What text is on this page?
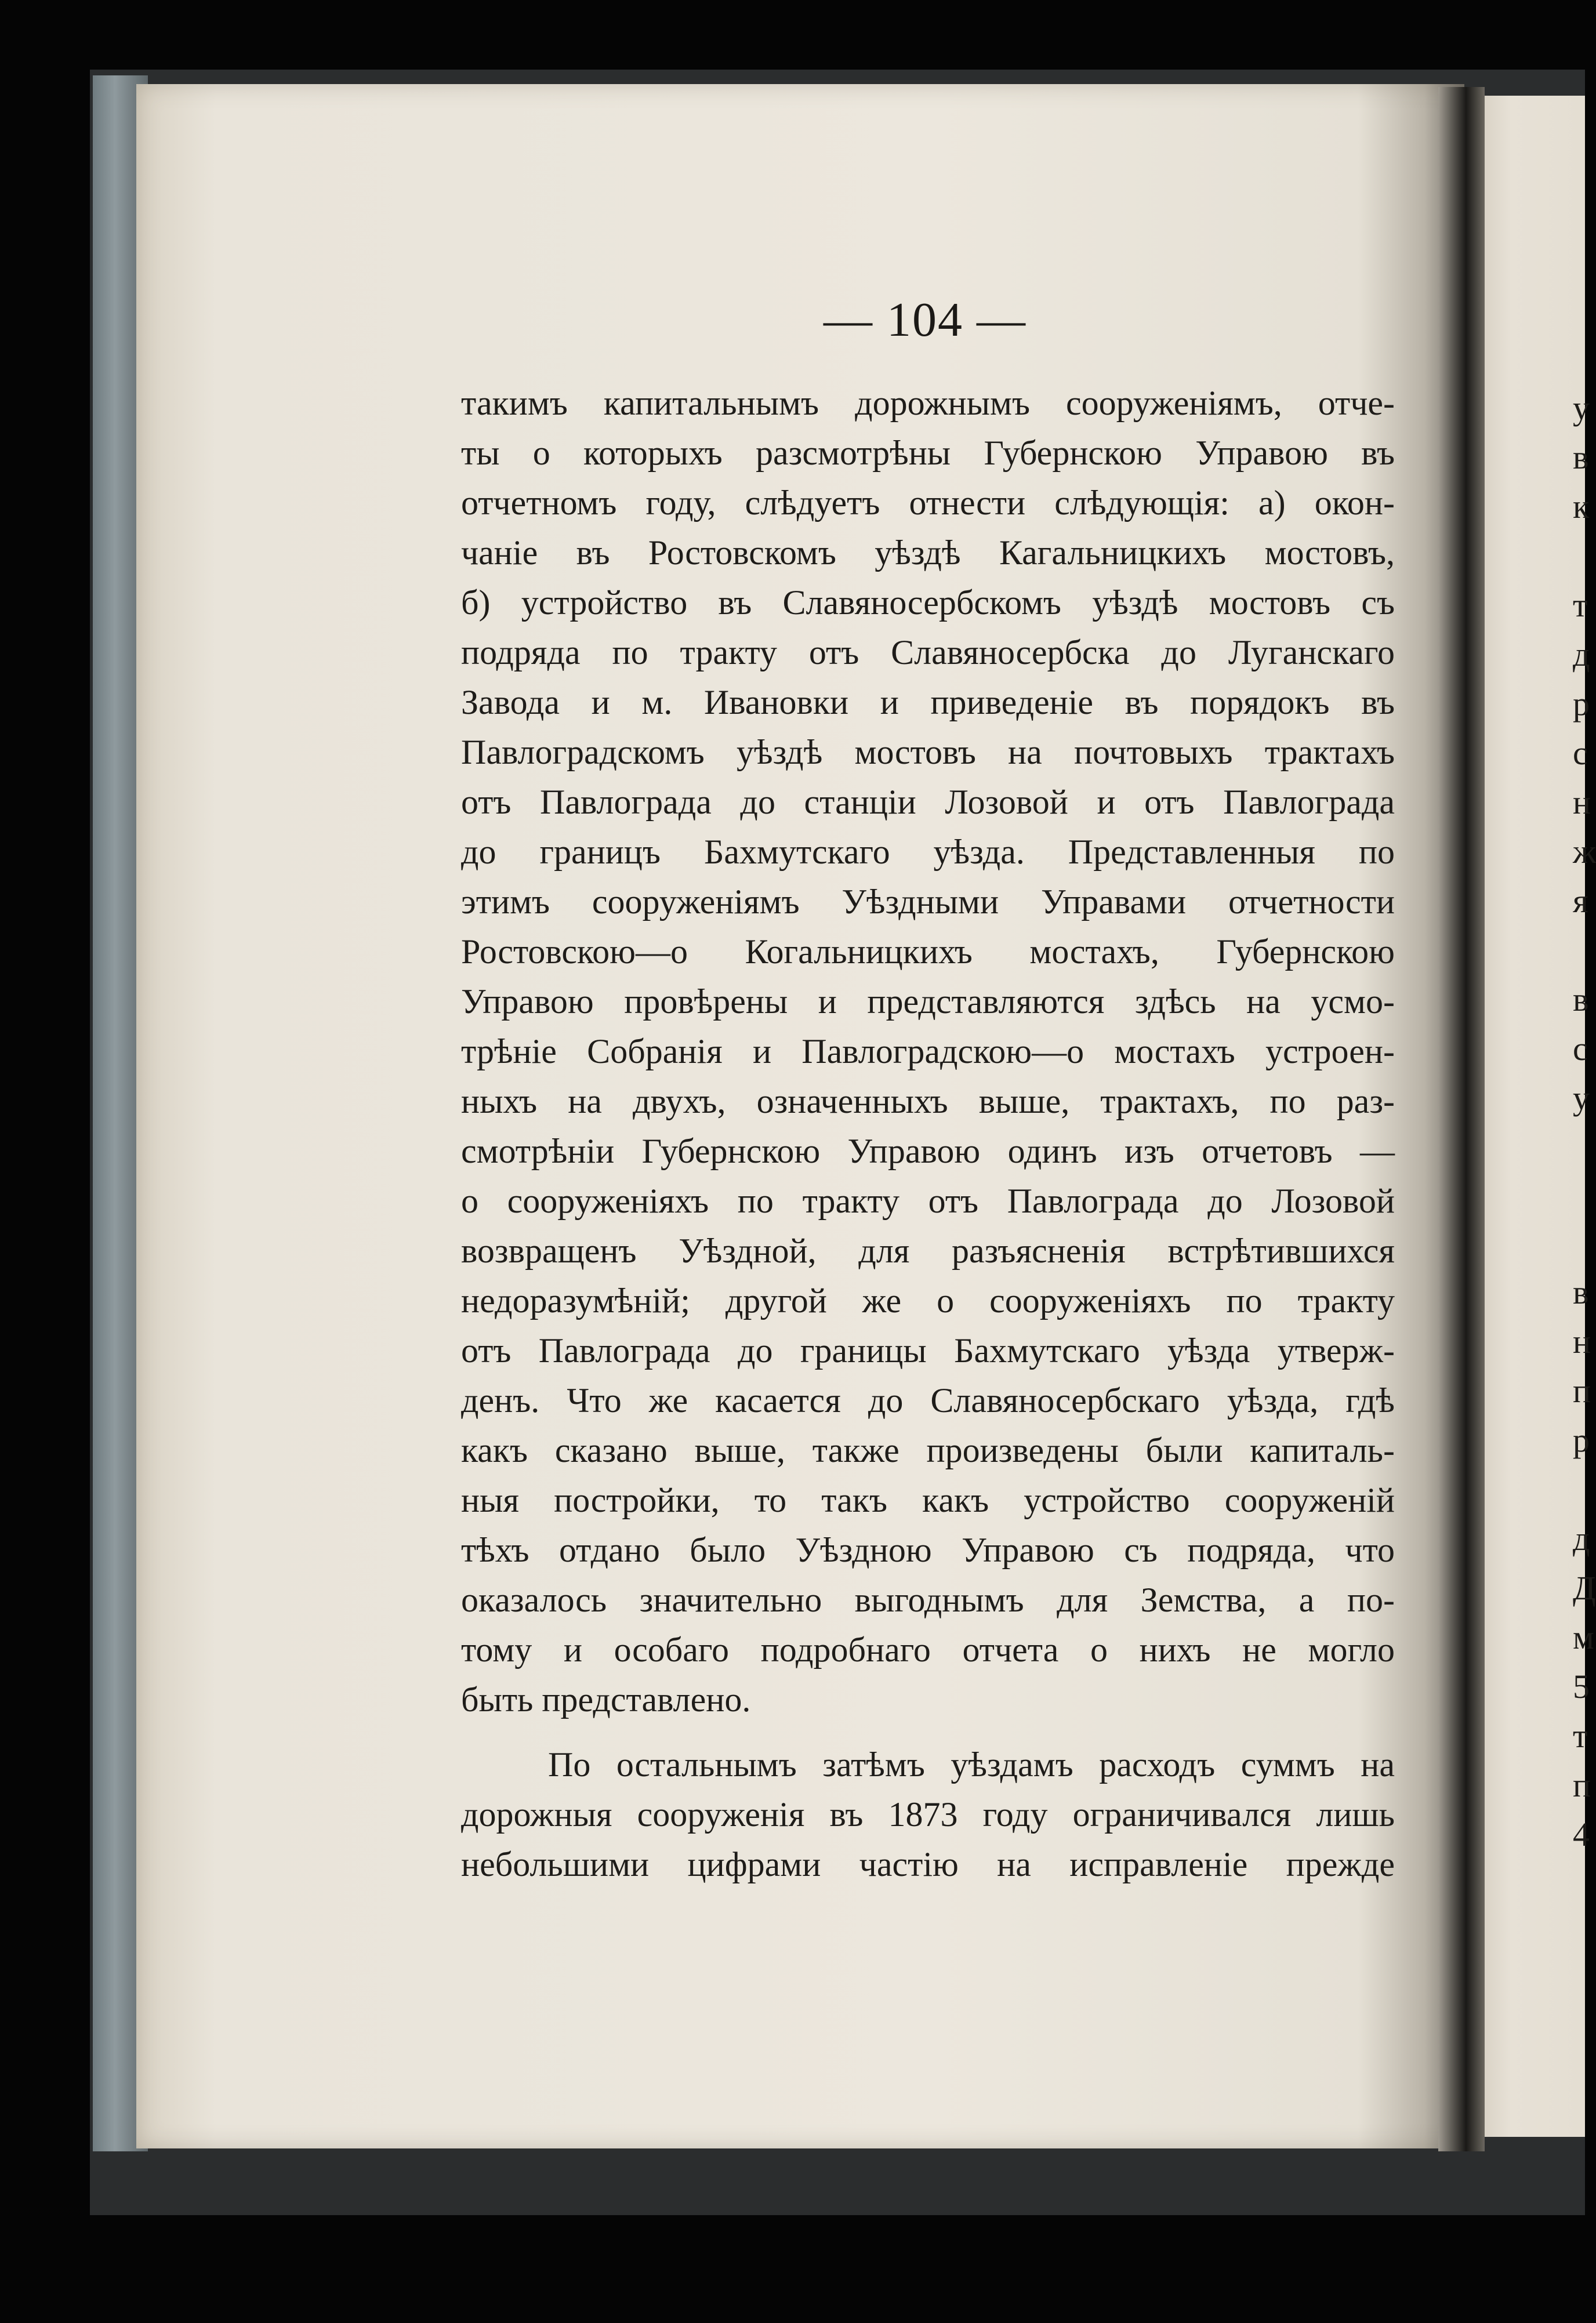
— 104 —
такимъ капитальнымъ дорожнымъ сооруженіямъ, отче-
ты о которыхъ разсмотрѣны Губернскою Управою въ
отчетномъ году, слѣдуетъ отнести слѣдующія: а) окон-
чаніе въ Ростовскомъ уѣздѣ Кагальницкихъ мостовъ,
б) устройство въ Славяносербскомъ уѣздѣ мостовъ съ
подряда по тракту отъ Славяносербска до Луганскаго
Завода и м. Ивановки и приведеніе въ порядокъ въ
Павлоградскомъ уѣздѣ мостовъ на почтовыхъ трактахъ
отъ Павлограда до станціи Лозовой и отъ Павлограда
до границъ Бахмутскаго уѣзда. Представленныя по
этимъ сооруженіямъ Уѣздными Управами отчетности
Ростовскою—о Когальницкихъ мостахъ, Губернскою
Управою провѣрены и представляются здѣсь на усмо-
трѣніе Собранія и Павлоградскою—о мостахъ устроен-
ныхъ на двухъ, означенныхъ выше, трактахъ, по раз-
смотрѣніи Губернскою Управою одинъ изъ отчетовъ —
о сооруженіяхъ по тракту отъ Павлограда до Лозовой
возвращенъ Уѣздной, для разъясненія встрѣтившихся
недоразумѣній; другой же о сооруженіяхъ по тракту
отъ Павлограда до границы Бахмутскаго уѣзда утверж-
денъ. Что же касается до Славяносербскаго уѣзда, гдѣ
какъ сказано выше, также произведены были капиталь-
ныя постройки, то такъ какъ устройство сооруженій
тѣхъ отдано было Уѣздною Управою съ подряда, что
оказалось значительно выгоднымъ для Земства, а по-
тому и особаго подробнаго отчета о нихъ не могло
быть представлено.
По остальнымъ затѣмъ уѣздамъ расходъ суммъ на
дорожныя сооруженія въ 1873 году ограничивался лишь
небольшими цифрами частію на исправленіе прежде
у
в
к
т
д
р
с
н
ж
я
в
с
у
в
н
п
р
д
Д
м
5
т
п
4
